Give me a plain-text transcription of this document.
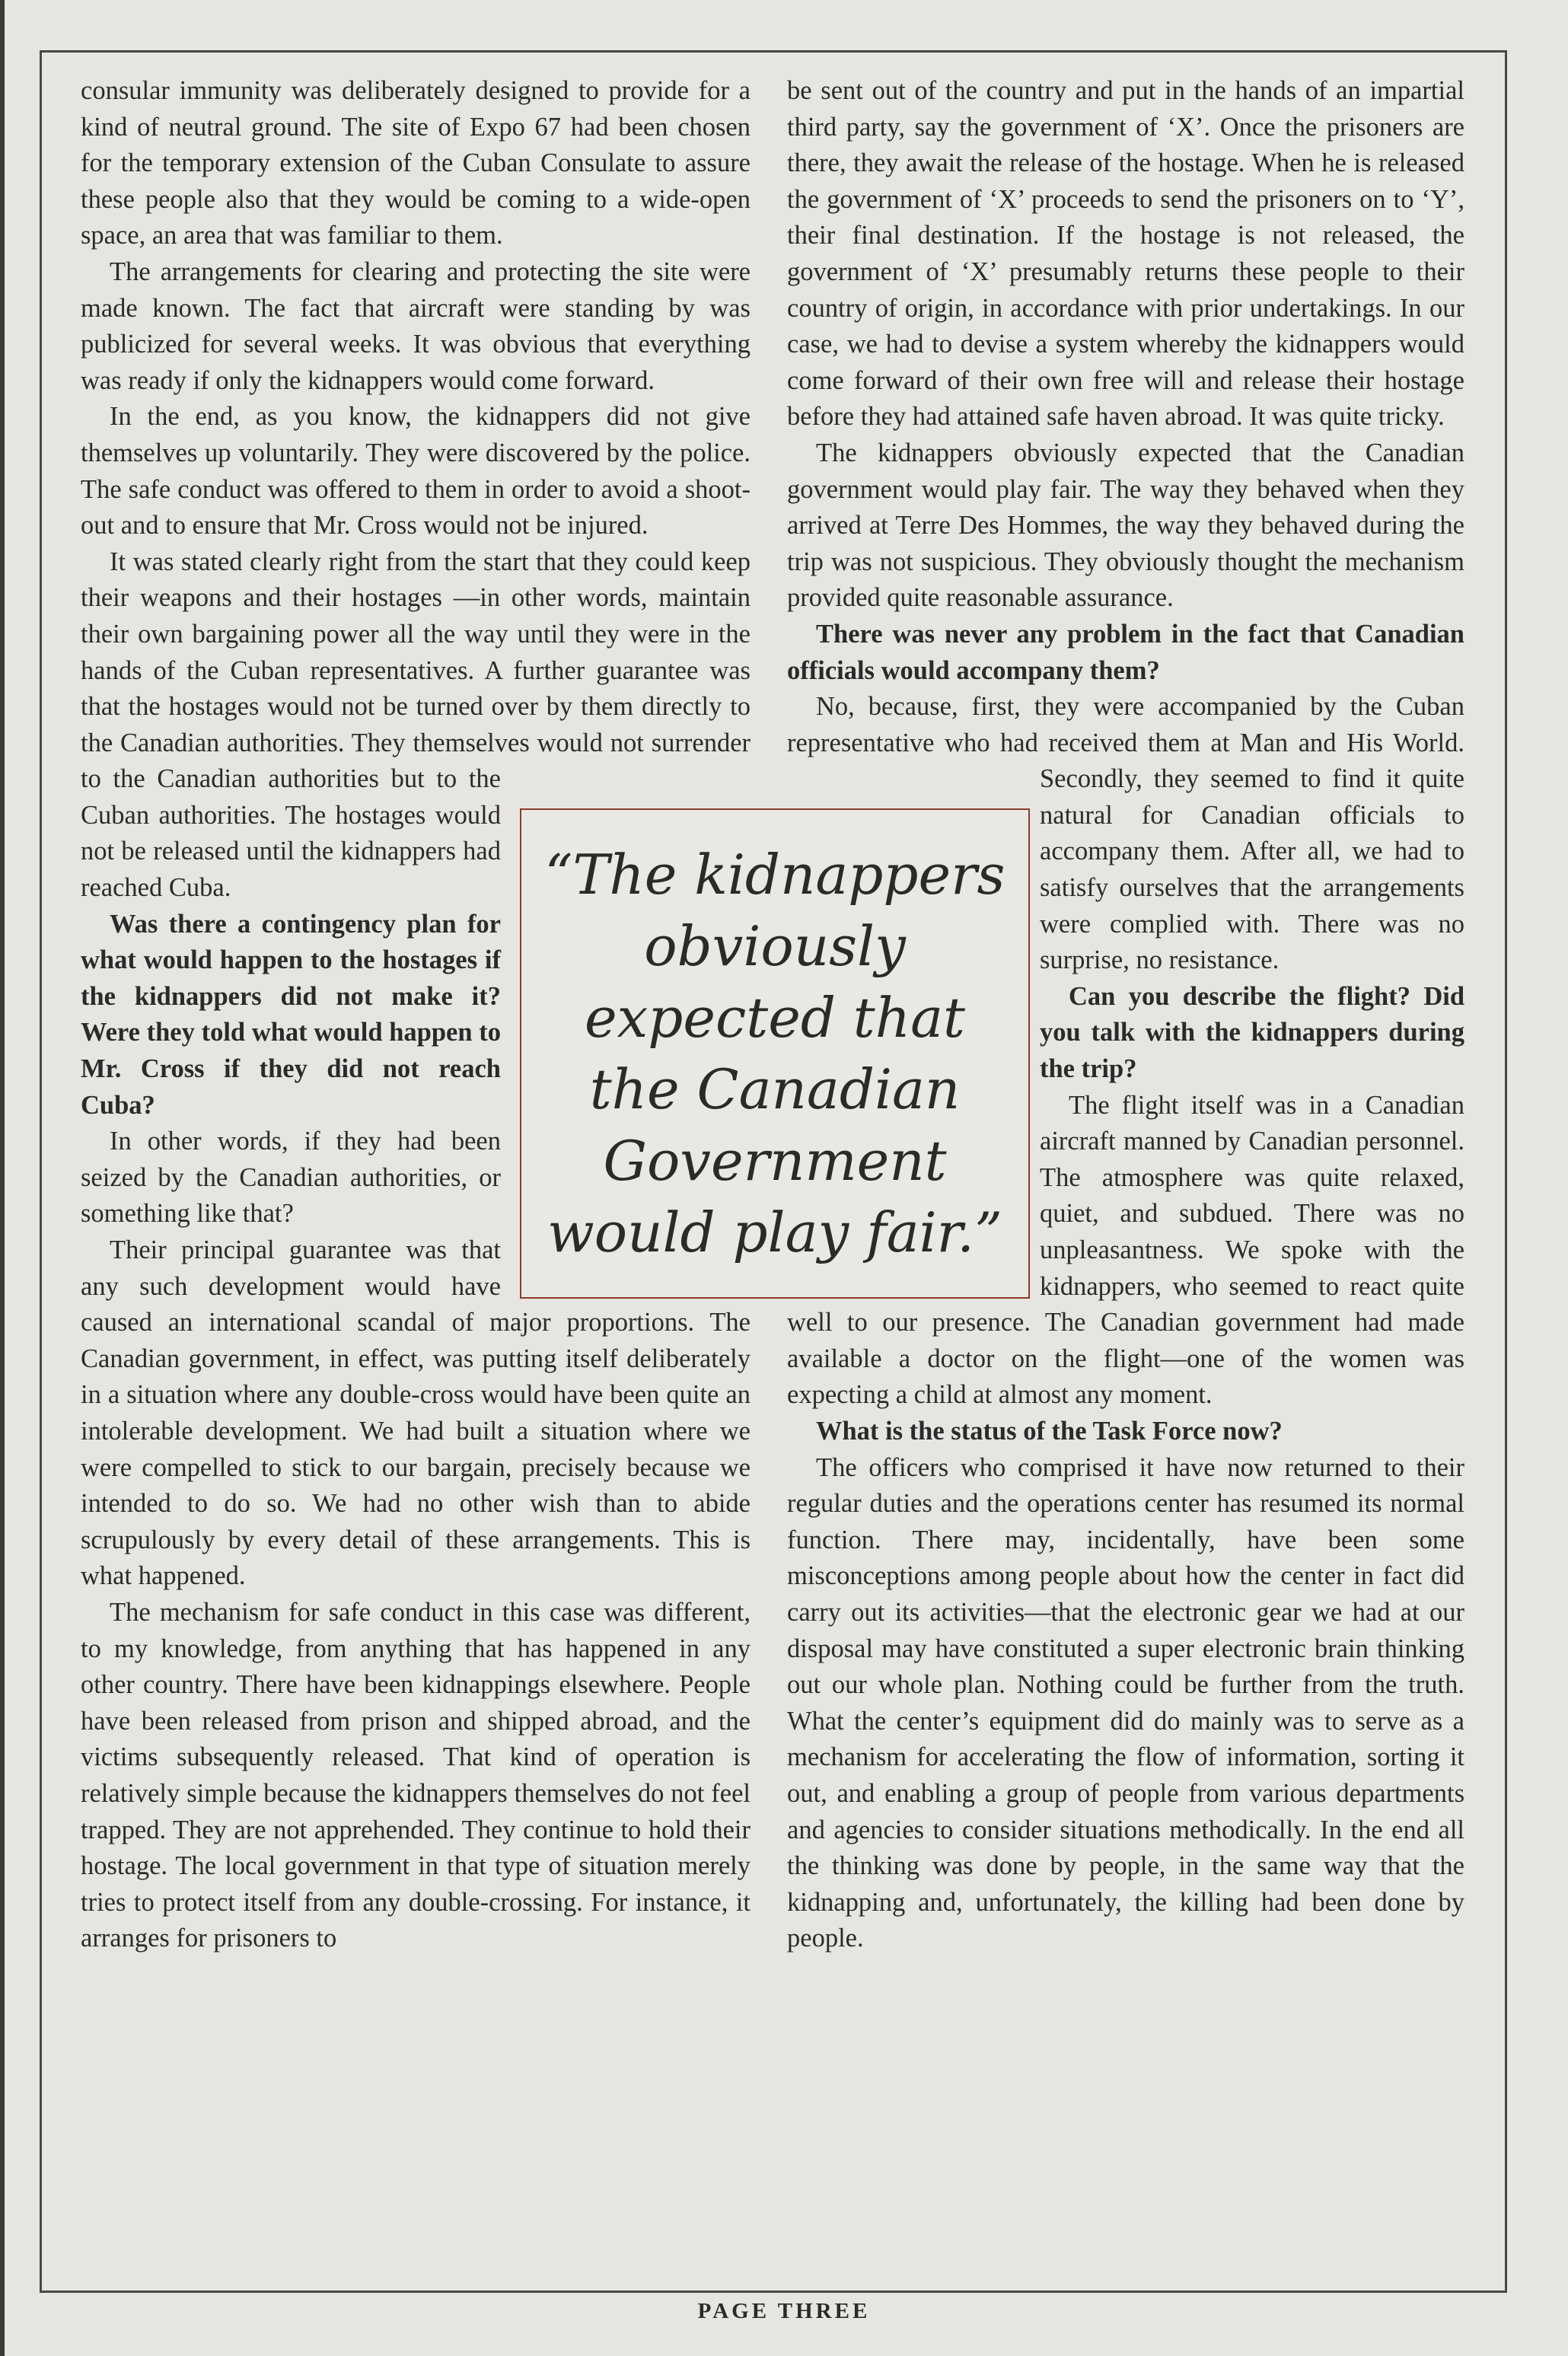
consular immunity was deliberately designed to provide for a kind of neutral ground. The site of Expo 67 had been chosen for the temporary extension of the Cuban Consulate to assure these people also that they would be coming to a wide-open space, an area that was familiar to them.

The arrangements for clearing and protecting the site were made known. The fact that aircraft were standing by was publicized for several weeks. It was obvious that everything was ready if only the kidnappers would come forward.

In the end, as you know, the kidnappers did not give themselves up voluntarily. They were discovered by the police. The safe conduct was offered to them in order to avoid a shoot-out and to ensure that Mr. Cross would not be injured.

It was stated clearly right from the start that they could keep their weapons and their hostages —in other words, maintain their own bargaining power all the way until they were in the hands of the Cuban representatives. A further guarantee was that the hostages would not be turned over by them directly to the Canadian authorities. They themselves would not surrender to the Canadian authorities but to the Cuban authorities. The hostages would not be released until the kidnappers had reached Cuba.

Was there a contingency plan for what would happen to the hostages if the kidnappers did not make it? Were they told what would happen to Mr. Cross if they did not reach Cuba?

In other words, if they had been seized by the Canadian authorities, or something like that?

Their principal guarantee was that any such development would have caused an international scandal of major proportions. The Canadian government, in effect, was putting itself deliberately in a situation where any double-cross would have been quite an intolerable development. We had built a situation where we were compelled to stick to our bargain, precisely because we intended to do so. We had no other wish than to abide scrupulously by every detail of these arrangements. This is what happened.

The mechanism for safe conduct in this case was different, to my knowledge, from anything that has happened in any other country. There have been kidnappings elsewhere. People have been released from prison and shipped abroad, and the victims subsequently released. That kind of operation is relatively simple because the kidnappers themselves do not feel trapped. They are not apprehended. They continue to hold their hostage. The local government in that type of situation merely tries to protect itself from any double-crossing. For instance, it arranges for prisoners to

be sent out of the country and put in the hands of an impartial third party, say the government of ‘X’. Once the prisoners are there, they await the release of the hostage. When he is released the government of ‘X’ proceeds to send the prisoners on to ‘Y’, their final destination. If the hostage is not released, the government of ‘X’ presumably returns these people to their country of origin, in accordance with prior undertakings. In our case, we had to devise a system whereby the kidnappers would come forward of their own free will and release their hostage before they had attained safe haven abroad. It was quite tricky.

The kidnappers obviously expected that the Canadian government would play fair. The way they behaved when they arrived at Terre Des Hommes, the way they behaved during the trip was not suspicious. They obviously thought the mechanism provided quite reasonable assurance.

There was never any problem in the fact that Canadian officials would accompany them?

No, because, first, they were accompanied by the Cuban representative who had received them at Man and His World. Secondly, they seemed to find it quite natural for Canadian officials to accompany them. After all, we had to satisfy ourselves that the arrangements were complied with. There was no surprise, no resistance.

Can you describe the flight? Did you talk with the kidnappers during the trip?

The flight itself was in a Canadian aircraft manned by Canadian personnel. The atmosphere was quite relaxed, quiet, and subdued. There was no unpleasantness. We spoke with the kidnappers, who seemed to react quite well to our presence. The Canadian government had made available a doctor on the flight—one of the women was expecting a child at almost any moment.

What is the status of the Task Force now?

The officers who comprised it have now returned to their regular duties and the operations center has resumed its normal function. There may, incidentally, have been some misconceptions among people about how the center in fact did carry out its activities—that the electronic gear we had at our disposal may have constituted a super electronic brain thinking out our whole plan. Nothing could be further from the truth. What the center’s equipment did do mainly was to serve as a mechanism for accelerating the flow of information, sorting it out, and enabling a group of people from various departments and agencies to consider situations methodically. In the end all the thinking was done by people, in the same way that the kidnapping and, unfortunately, the killing had been done by people.

“The kidnappers obviously expected that the Canadian Government would play fair.”
PAGE THREE
